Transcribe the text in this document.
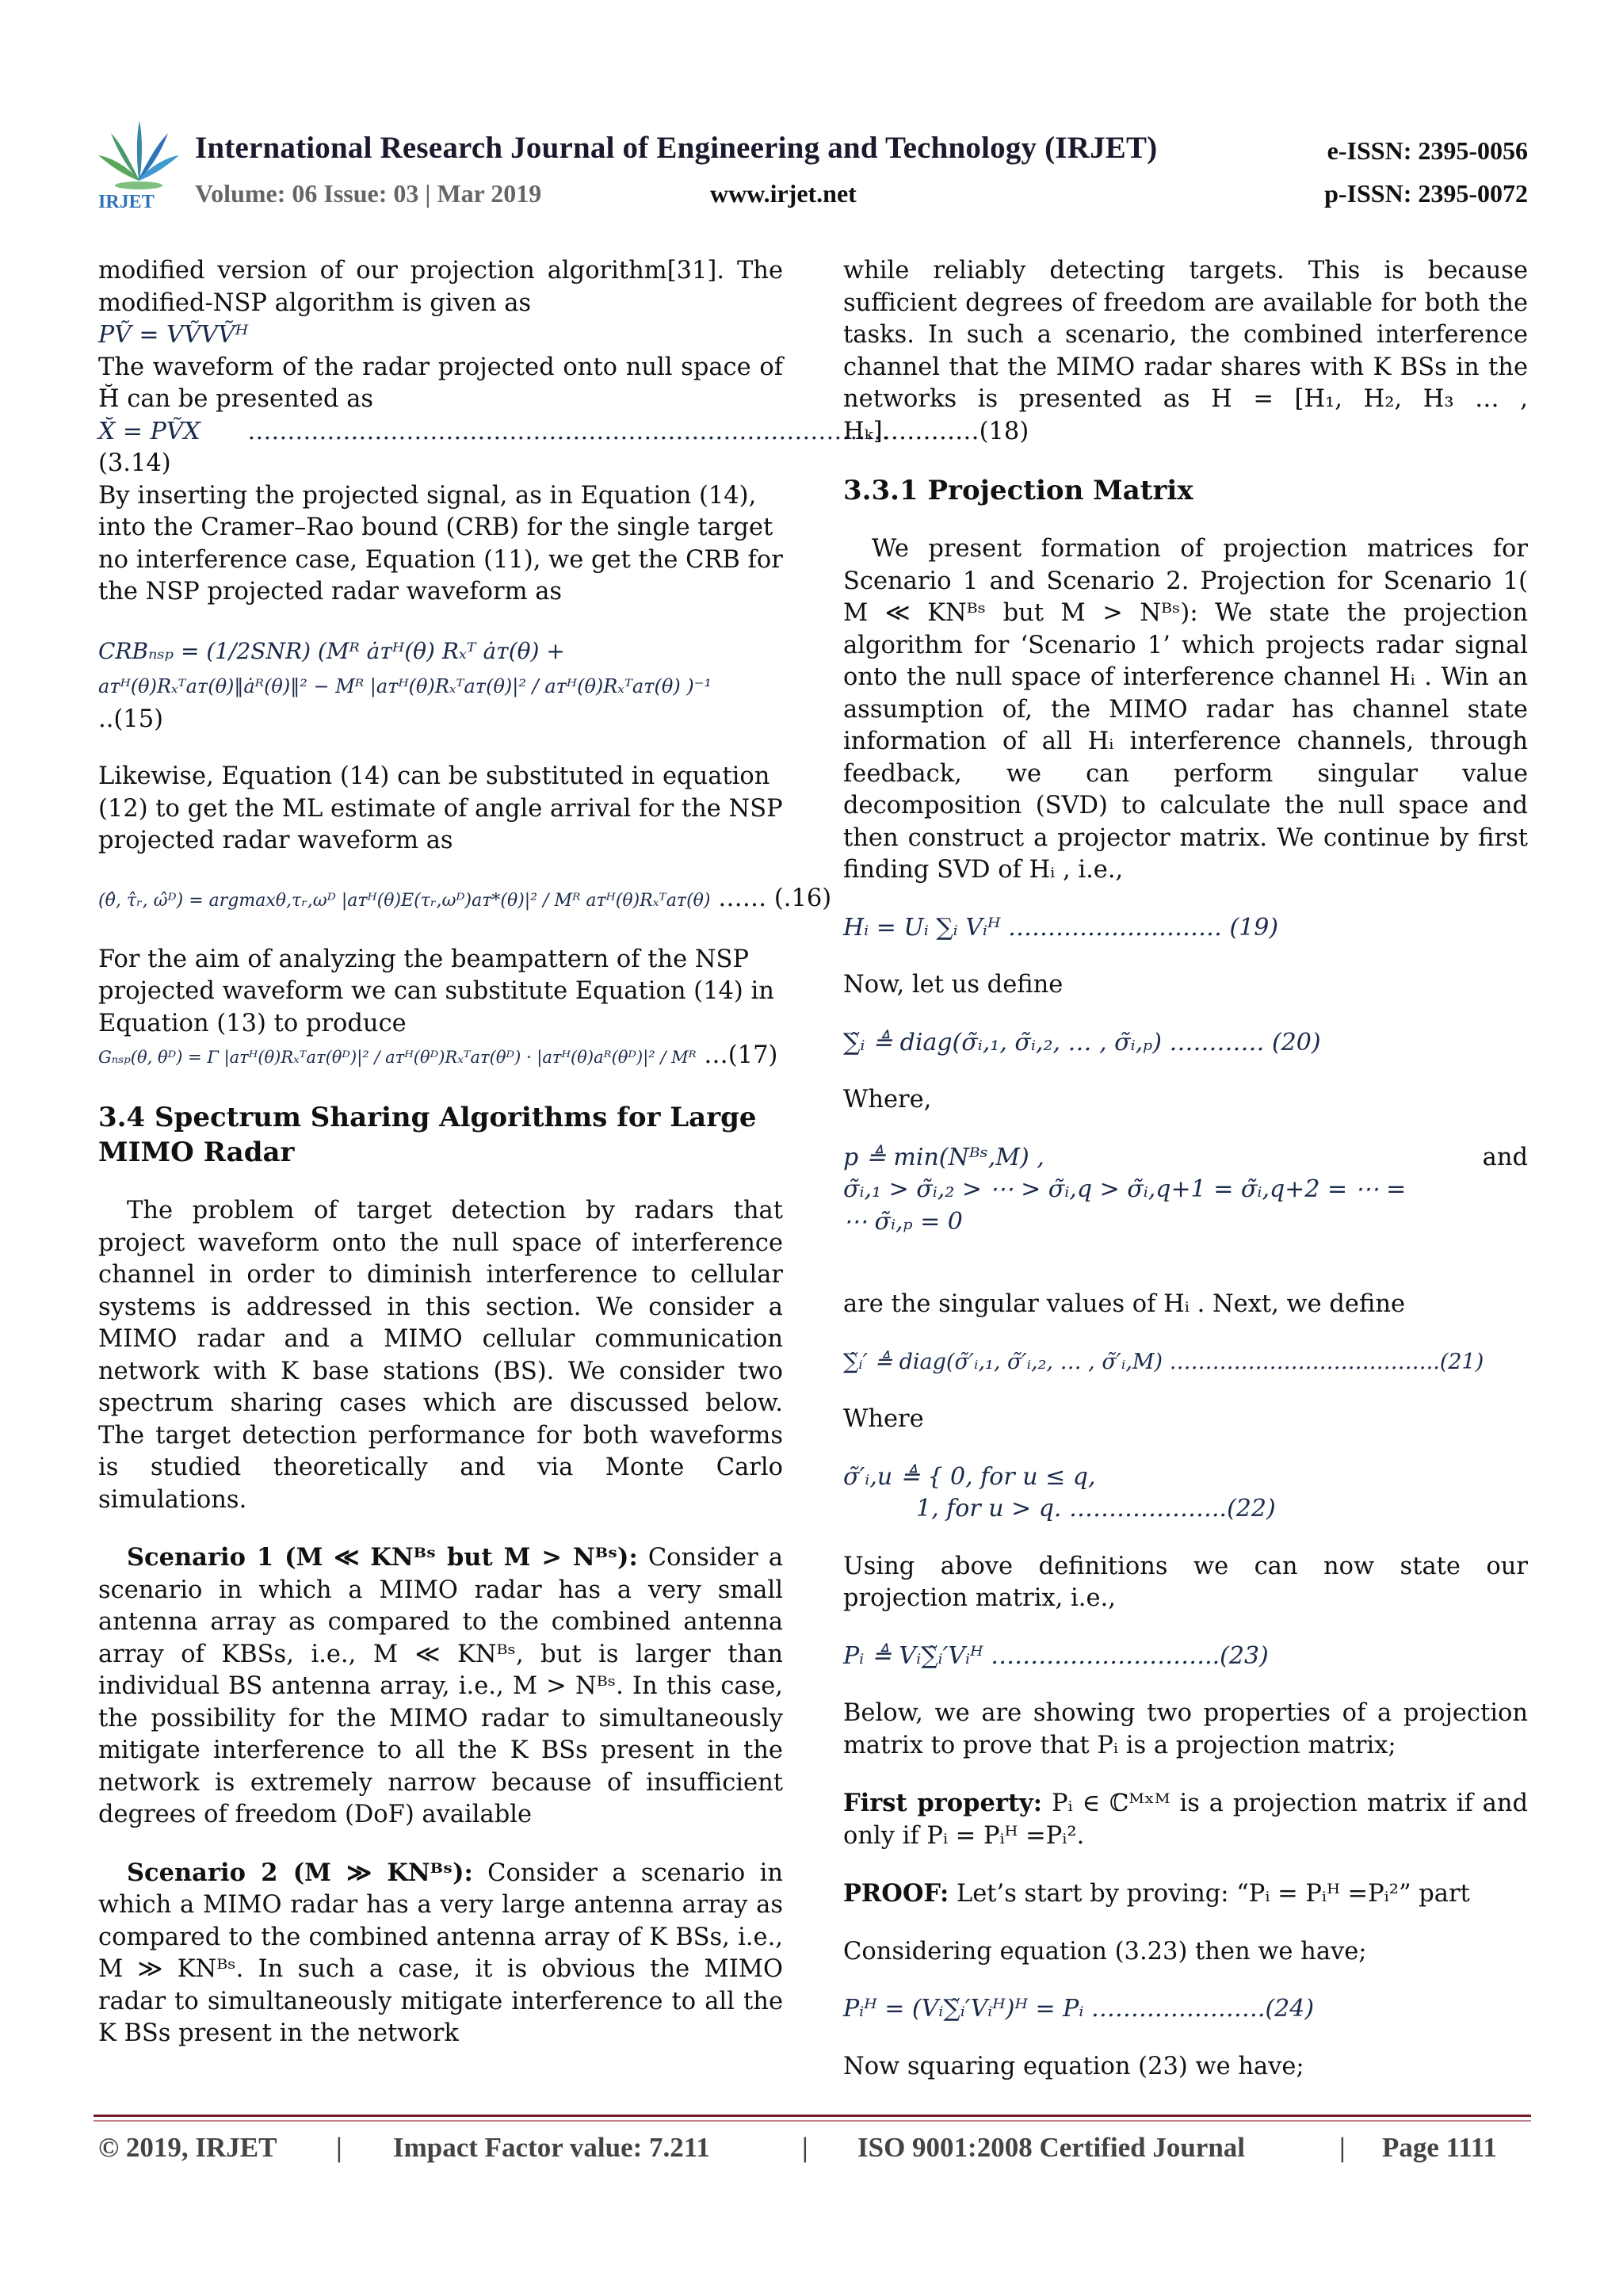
IRJET
International Research Journal of Engineering and Technology (IRJET)	e-ISSN: 2395-0056
Volume: 06 Issue: 03 | Mar 2019	www.irjet.net	p-ISSN: 2395-0072

modified version of our projection algorithm[31]. The modified-NSP algorithm is given as

PṼ = VṼVṼᴴ

The waveform of the radar projected onto null space of H̆ can be presented as

X̆ = PṼX ………………………………………………………………………

(3.14)

By inserting the projected signal, as in Equation (14), into the Cramer–Rao bound (CRB) for the single target no interference case, Equation (11), we get the CRB for the NSP projected radar waveform as

CRBₙₛₚ = (1/2SNR) (Mᴿ ȧᴛᴴ(θ) Rₓᵀ ȧᴛ(θ) +
aᴛᴴ(θ)Rₓᵀaᴛ(θ)‖ȧᴿ(θ)‖² − Mᴿ |aᴛᴴ(θ)Rₓᵀaᴛ(θ)|² / aᴛᴴ(θ)Rₓᵀaᴛ(θ) )⁻¹

..(15)

Likewise, Equation (14) can be substituted in equation (12) to get the ML estimate of angle arrival for the NSP projected radar waveform as

(θ̂, τ̂ᵣ, ω̂ᴰ) = argmaxθ,τᵣ,ωᴰ |aᴛᴴ(θ)E(τᵣ,ωᴰ)aᴛ*(θ)|² / Mᴿ aᴛᴴ(θ)Rₓᵀaᴛ(θ) …… (.16)

For the aim of analyzing the beampattern of the NSP projected waveform we can substitute Equation (14) in Equation (13) to produce

Gₙₛₚ(θ, θᴰ) = Γ |aᴛᴴ(θ)Rₓᵀaᴛ(θᴰ)|² / aᴛᴴ(θᴰ)Rₓᵀaᴛ(θᴰ) · |aᴛᴴ(θ)aᴿ(θᴰ)|² / Mᴿ …(17)
3.4 Spectrum Sharing Algorithms for Large MIMO Radar

The problem of target detection by radars that project waveform onto the null space of interference channel in order to diminish interference to cellular systems is addressed in this section. We consider a MIMO radar and a MIMO cellular communication network with K base stations (BS). We consider two spectrum sharing cases which are discussed below. The target detection performance for both waveforms is studied theoretically and via Monte Carlo simulations.

Scenario 1 (M ≪ KNᴮˢ but M > Nᴮˢ): Consider a scenario in which a MIMO radar has a very small antenna array as compared to the combined antenna array of KBSs, i.e., M ≪ KNᴮˢ, but is larger than individual BS antenna array, i.e., M > Nᴮˢ. In this case, the possibility for the MIMO radar to simultaneously mitigate interference to all the K BSs present in the network is extremely narrow because of insufficient degrees of freedom (DoF) available

Scenario 2 (M ≫ KNᴮˢ): Consider a scenario in which a MIMO radar has a very large antenna array as compared to the combined antenna array of K BSs, i.e., M ≫ KNᴮˢ. In such a case, it is obvious the MIMO radar to simultaneously mitigate interference to all the K BSs present in the network

while reliably detecting targets. This is because sufficient degrees of freedom are available for both the tasks. In such a scenario, the combined interference channel that the MIMO radar shares with K BSs in the networks is presented as H = [H₁, H₂, H₃ … , Hₖ]…………(18)

3.3.1 Projection Matrix

We present formation of projection matrices for Scenario 1 and Scenario 2. Projection for Scenario 1( M ≪ KNᴮˢ but M > Nᴮˢ): We state the projection algorithm for ‘Scenario 1’ which projects radar signal onto the null space of interference channel Hᵢ . Win an assumption of, the MIMO radar has channel state information of all Hᵢ interference channels, through feedback, we can perform singular value decomposition (SVD) to calculate the null space and then construct a projector matrix. We continue by first finding SVD of Hᵢ , i.e.,

Hᵢ = Uᵢ ∑ᵢ Vᵢᴴ ……………………… (19)

Now, let us define

∑̃ᵢ ≜ diag(σ̃ᵢ,₁, σ̃ᵢ,₂, … , σ̃ᵢ,ₚ) ………… (20)

Where,

p ≜ min(Nᴮˢ,M) ,	and
σ̃ᵢ,₁ > σ̃ᵢ,₂ > ⋯ > σ̃ᵢ,q > σ̃ᵢ,q+1 = σ̃ᵢ,q+2 = ⋯ =
⋯ σ̃ᵢ,ₚ = 0

are the singular values of Hᵢ . Next, we define

∑̃ᵢ′ ≜ diag(σ̃′ᵢ,₁, σ̃′ᵢ,₂, … , σ̃′ᵢ,M) ………………………………..(21)

Where

σ̃′ᵢ,u ≜ { 0, for u ≤ q,
1, for u > q. ………………..(22)

Using above definitions we can now state our projection matrix, i.e.,

Pᵢ ≜ Vᵢ∑̃ᵢ′Vᵢᴴ ………………………..(23)

Below, we are showing two properties of a projection matrix to prove that Pᵢ is a projection matrix;

First property: Pᵢ ∈ ℂᴹˣᴹ is a projection matrix if and only if Pᵢ = Pᵢᴴ =Pᵢ².

PROOF: Let’s start by proving: “Pᵢ = Pᵢᴴ =Pᵢ²” part

Considering equation (3.23) then we have;

Pᵢᴴ = (Vᵢ∑̃ᵢ′Vᵢᴴ)ᴴ = Pᵢ ………………….(24)

Now squaring equation (23) we have;

© 2019, IRJET | Impact Factor value: 7.211	| ISO 9001:2008 Certified Journal	| Page 1111
